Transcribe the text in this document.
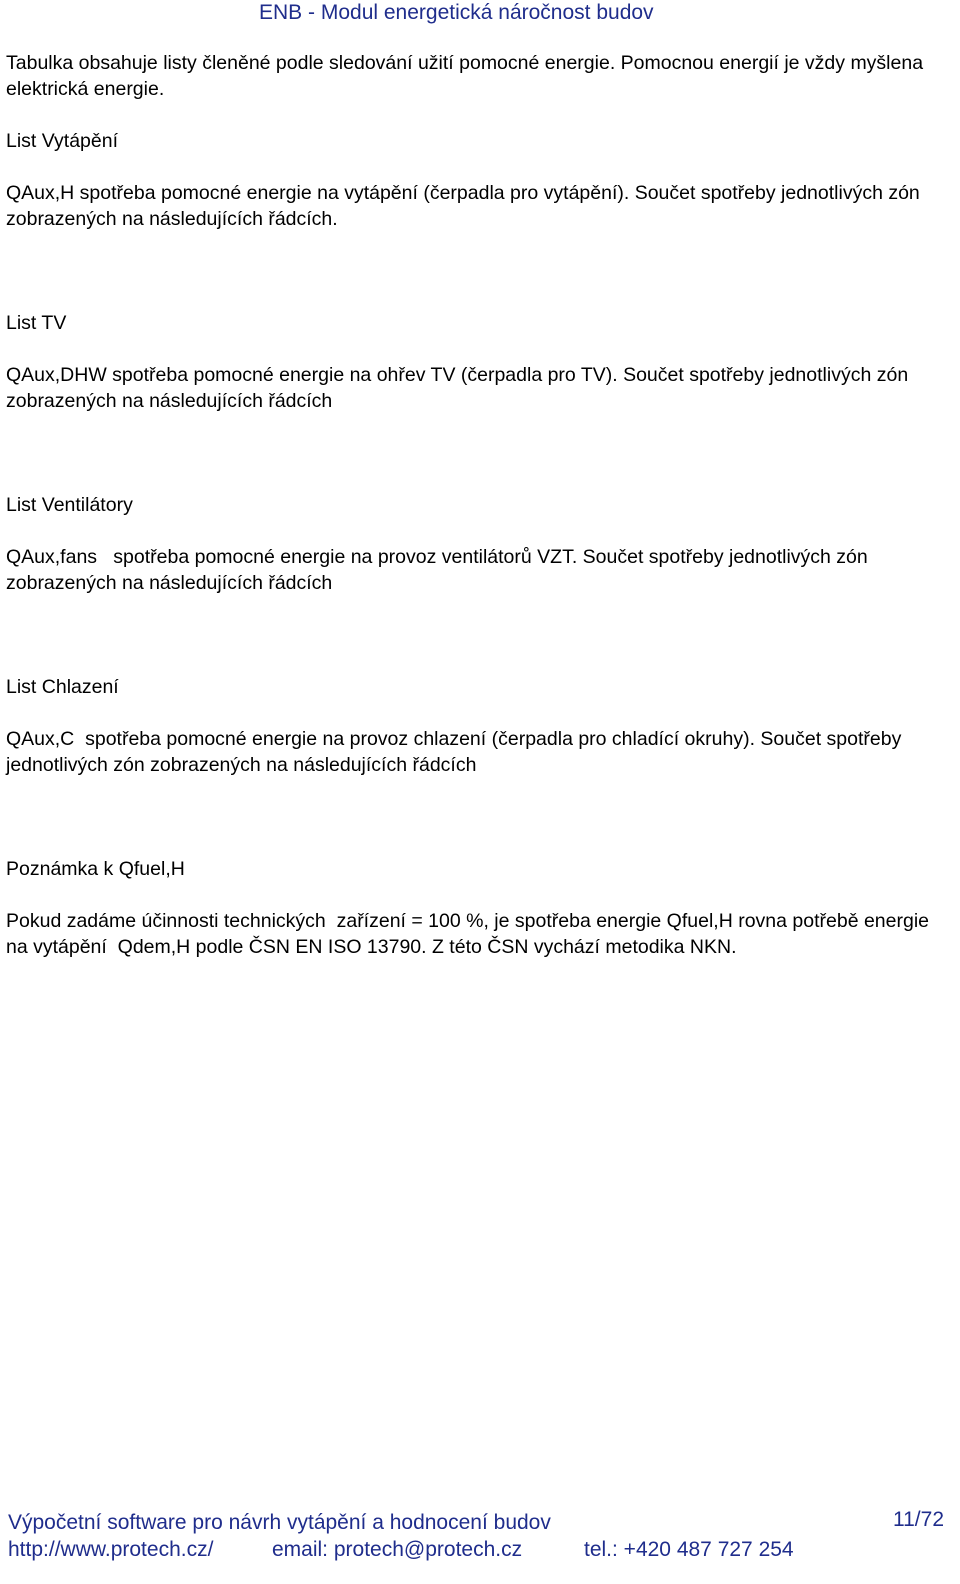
ENB - Modul energetická náročnost budov

Tabulka obsahuje listy členěné podle sledování užití pomocné energie. Pomocnou energií je vždy myšlena elektrická energie.

List Vytápění

QAux,H spotřeba pomocné energie na vytápění (čerpadla pro vytápění). Součet spotřeby jednotlivých zón zobrazených na následujících řádcích.

List TV

QAux,DHW spotřeba pomocné energie na ohřev TV (čerpadla pro TV). Součet spotřeby jednotlivých zón zobrazených na následujících řádcích

List Ventilátory

QAux,fans   spotřeba pomocné energie na provoz ventilátorů VZT. Součet spotřeby jednotlivých zón zobrazených na následujících řádcích

List Chlazení

QAux,C  spotřeba pomocné energie na provoz chlazení (čerpadla pro chladící okruhy). Součet spotřeby jednotlivých zón zobrazených na následujících řádcích

Poznámka k Qfuel,H

Pokud zadáme účinnosti technických  zařízení = 100 %, je spotřeba energie Qfuel,H rovna potřebě energie na vytápění  Qdem,H podle ČSN EN ISO 13790. Z této ČSN vychází metodika NKN.

Výpočetní software pro návrh vytápění a hodnocení budov	11/72
http://www.protech.cz/	email: protech@protech.cz	tel.: +420 487 727 254
